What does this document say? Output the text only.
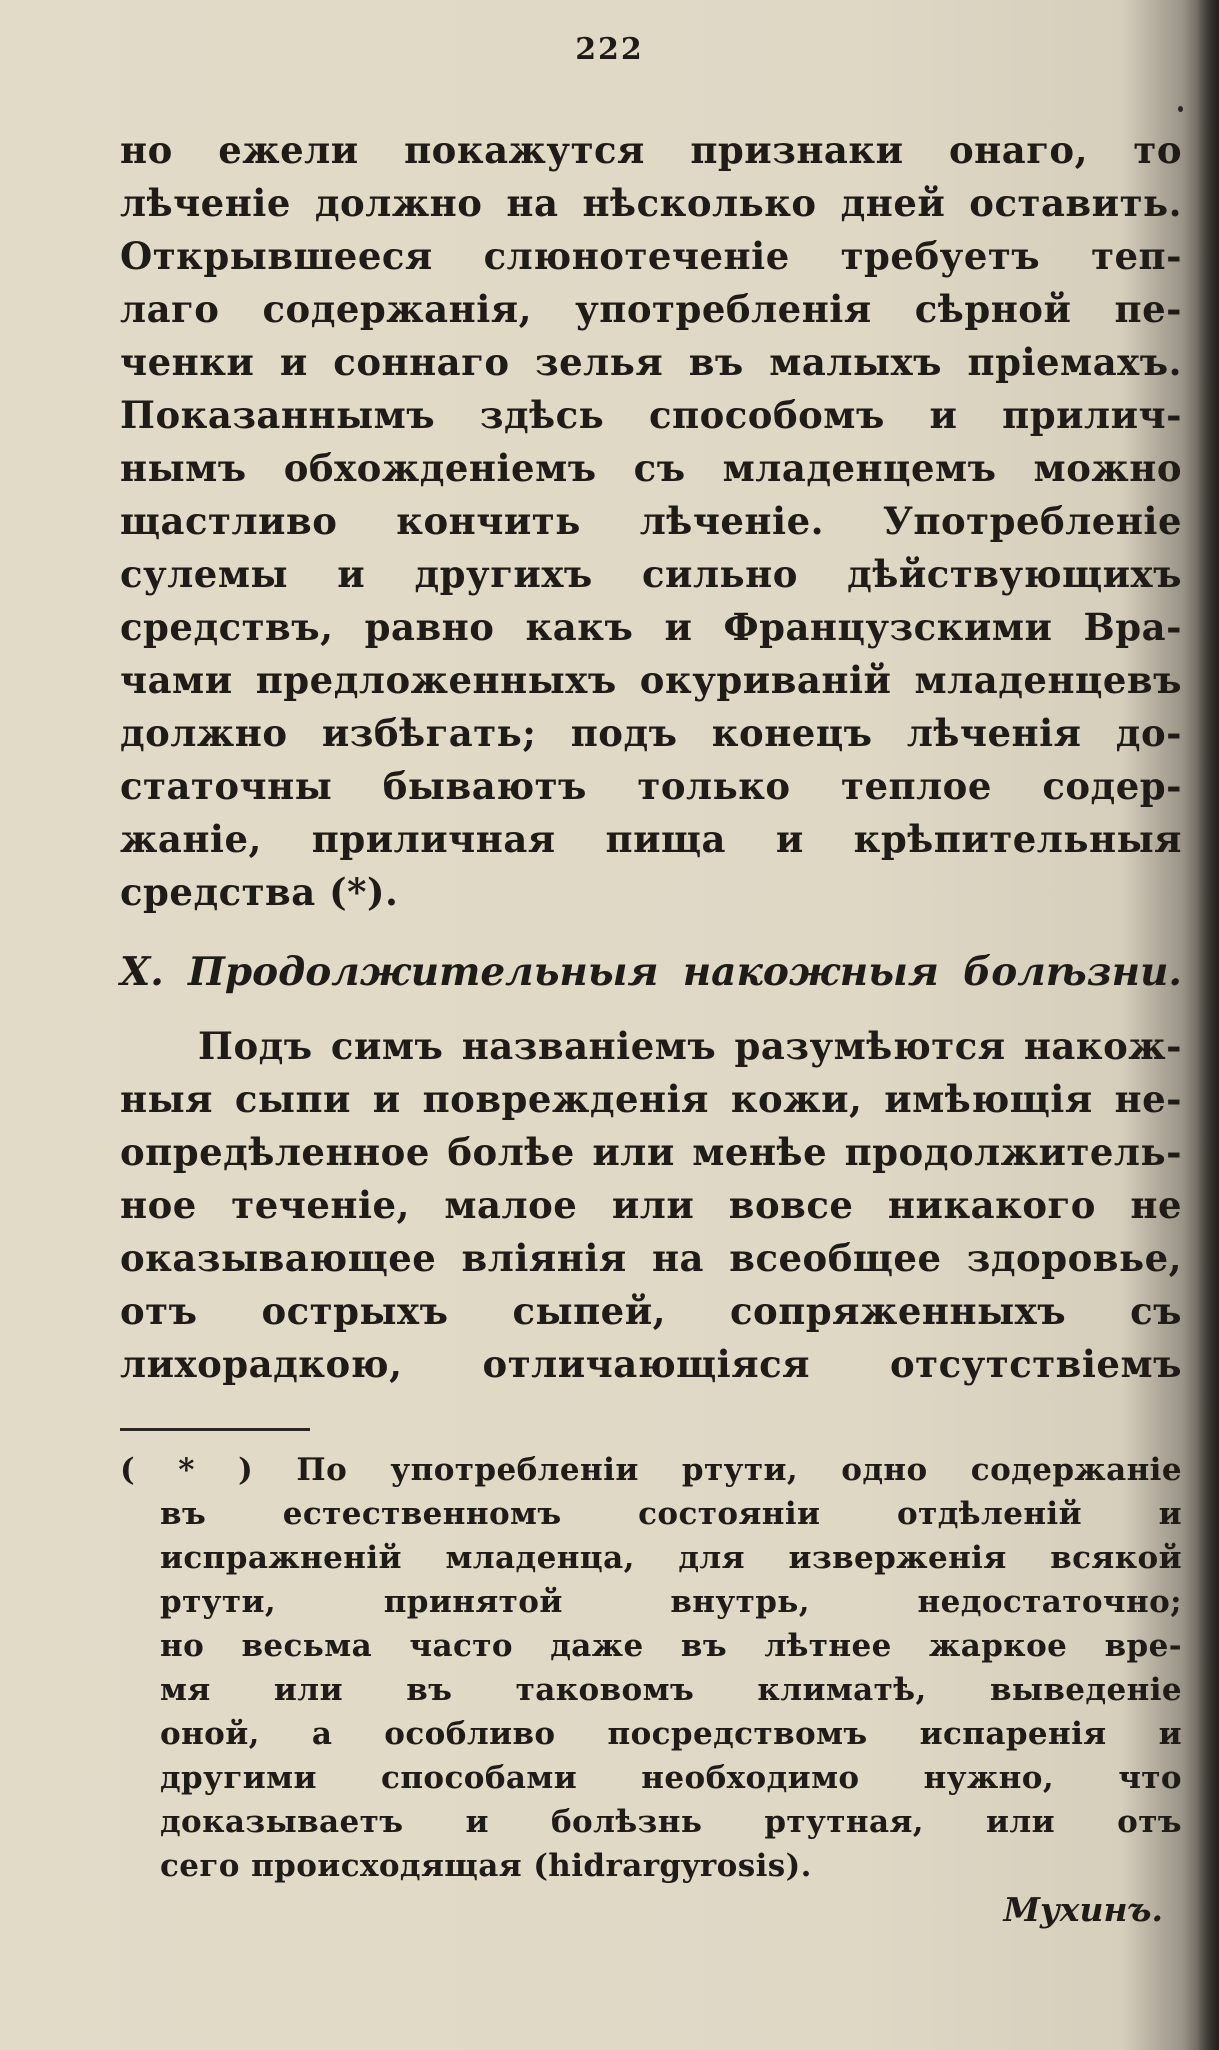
222
но ежели покажутся признаки онаго, то
лѣченіе должно на нѣсколько дней оставить.
Открывшееся слюнотеченіе требуетъ теп-
лаго содержанія, употребленія сѣрной пе-
ченки и соннаго зелья въ малыхъ пріемахъ.
Показаннымъ здѣсь способомъ и прилич-
нымъ обхожденіемъ съ младенцемъ можно
щастливо кончить лѣченіе. Употребленіе
сулемы и другихъ сильно дѣйствующихъ
средствъ, равно какъ и Французскими Вра-
чами предложенныхъ окуриваній младенцевъ
должно избѣгать; подъ конецъ лѣченія до-
статочны бываютъ только теплое содер-
жаніе, приличная пища и крѣпительныя
средства (*).
X. Продолжительныя накожныя болѣзни.
Подъ симъ названіемъ разумѣются накож-
ныя сыпи и поврежденія кожи, имѣющія не-
опредѣленное болѣе или менѣе продолжитель-
ное теченіе, малое или вовсе никакого не
оказывающее вліянія на всеобщее здоровье,
отъ острыхъ сыпей, сопряженныхъ съ
лихорадкою, отличающіяся отсутствіемъ
( * ) По употребленіи ртути, одно содержаніе
въ естественномъ состояніи отдѣленій и
испражненій младенца, для изверженія всякой
ртути, принятой внутрь, недостаточно;
но весьма часто даже въ лѣтнее жаркое вре-
мя или въ таковомъ климатѣ, выведеніе
оной, а особливо посредствомъ испаренія и
другими способами необходимо нужно, что
доказываетъ и болѣзнь ртутная, или отъ
сего происходящая (hidrargyrosis).
Мухинъ.
